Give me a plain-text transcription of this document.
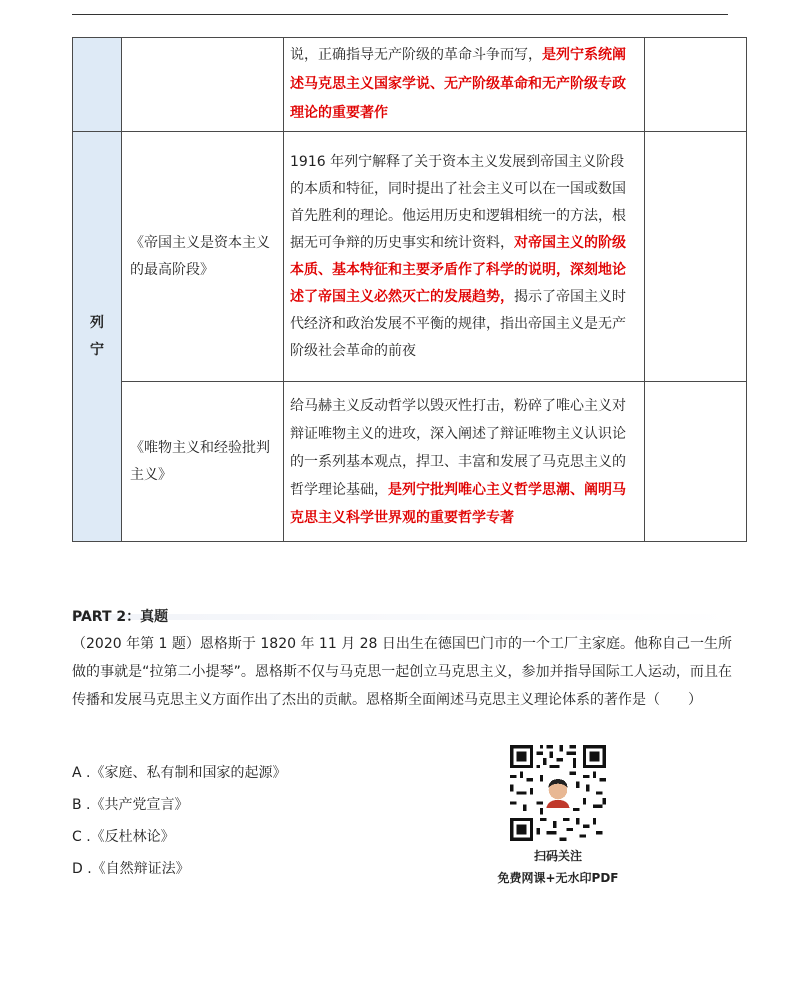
		说，正确指导无产阶级的革命斗争而写，是列宁系统阐述马克思主义国家学说、无产阶级革命和无产阶级专政理论的重要著作	

列宁	《帝国主义是资本主义的最高阶段》	1916 年列宁解释了关于资本主义发展到帝国主义阶段的本质和特征，同时提出了社会主义可以在一国或数国首先胜利的理论。他运用历史和逻辑相统一的方法，根据无可争辩的历史事实和统计资料，对帝国主义的阶级本质、基本特征和主要矛盾作了科学的说明，深刻地论述了帝国主义必然灭亡的发展趋势，揭示了帝国主义时代经济和政治发展不平衡的规律，指出帝国主义是无产阶级社会革命的前夜	
	《唯物主义和经验批判主义》	给马赫主义反动哲学以毁灭性打击，粉碎了唯心主义对辩证唯物主义的进攻，深入阐述了辩证唯物主义认识论的一系列基本观点，捍卫、丰富和发展了马克思主义的哲学理论基础，是列宁批判唯心主义哲学思潮、阐明马克思主义科学世界观的重要哲学专著	
PART 2：真题
（2020 年第 1 题）恩格斯于 1820 年 11 月 28 日出生在德国巴门市的一个工厂主家庭。他称自己一生所做的事就是“拉第二小提琴”。恩格斯不仅与马克思一起创立马克思主义，参加并指导国际工人运动，而且在传播和发展马克思主义方面作出了杰出的贡献。恩格斯全面阐述马克思主义理论体系的著作是（　　）
A .《家庭、私有制和国家的起源》
B .《共产党宣言》
C .《反杜林论》
D .《自然辩证法》
扫码关注
免费网课+无水印PDF
